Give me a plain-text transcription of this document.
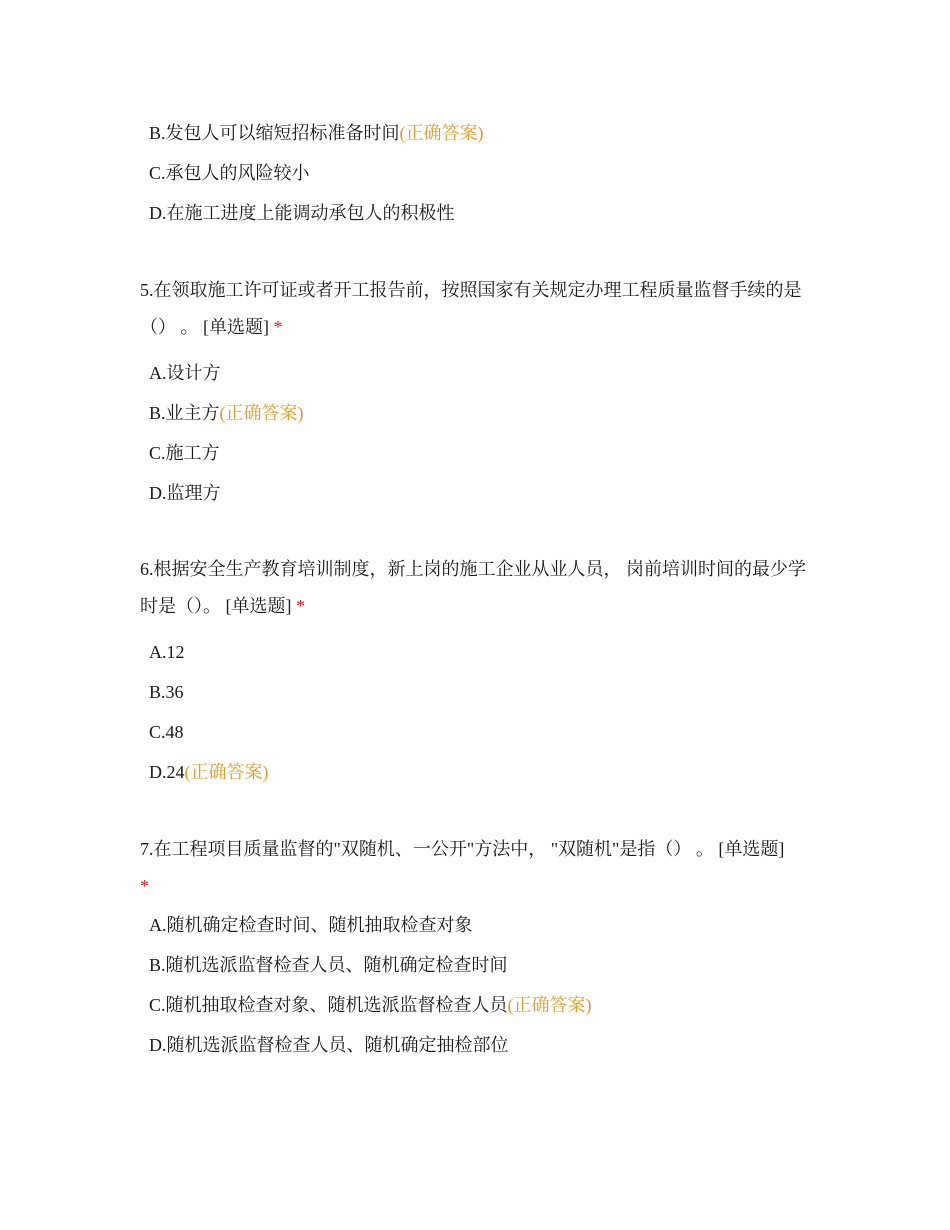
B.发包人可以缩短招标准备时间(正确答案)
C.承包人的风险较小
D.在施工进度上能调动承包人的积极性
5.在领取施工许可证或者开工报告前，按照国家有关规定办理工程质量监督手续的是（） 。 [单选题] *
A.设计方
B.业主方(正确答案)
C.施工方
D.监理方
6.根据安全生产教育培训制度，新上岗的施工企业从业人员， 岗前培训时间的最少学时是（）。 [单选题] *
A.12
B.36
C.48
D.24(正确答案)
7.在工程项目质量监督的"双随机、一公开"方法中， "双随机"是指（） 。 [单选题]
*
A.随机确定检查时间、随机抽取检查对象
B.随机选派监督检查人员、随机确定检查时间
C.随机抽取检查对象、随机选派监督检查人员(正确答案)
D.随机选派监督检查人员、随机确定抽检部位
